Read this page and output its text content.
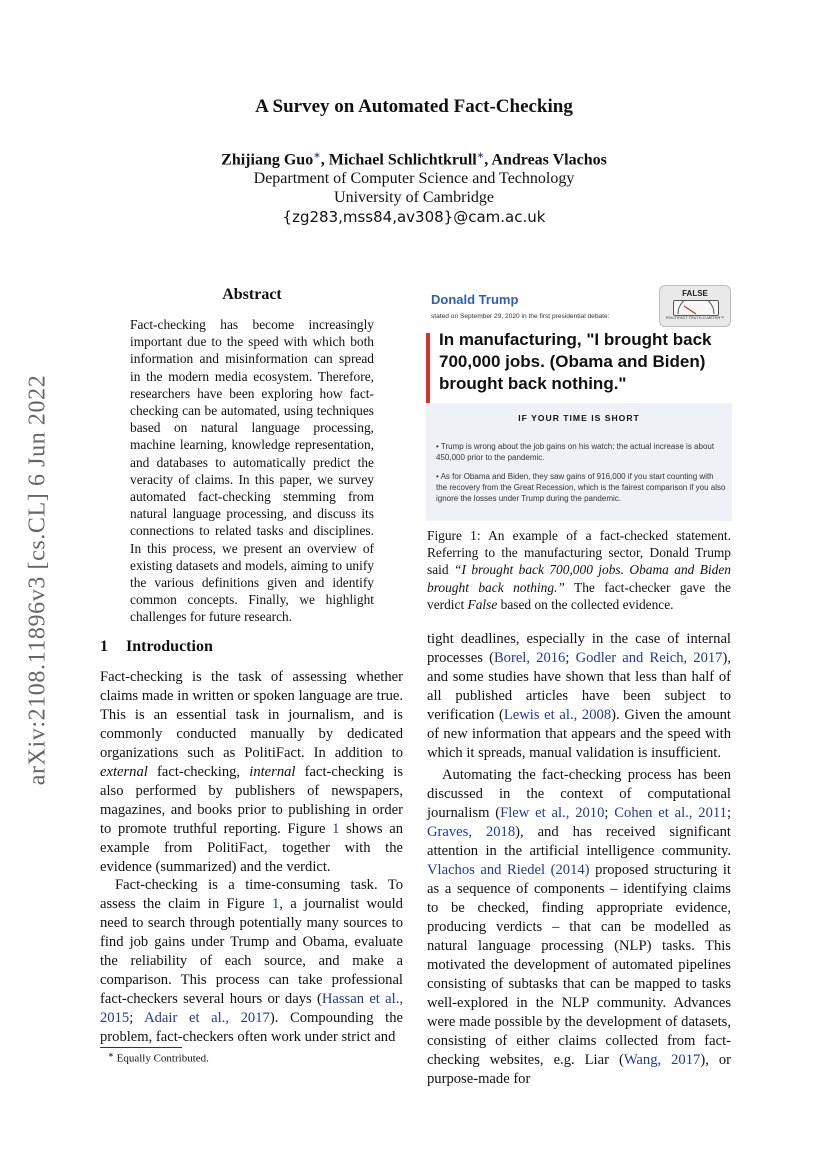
arXiv:2108.11896v3 [cs.CL] 6 Jun 2022
A Survey on Automated Fact-Checking
Zhijiang Guo∗, Michael Schlichtkrull∗, Andreas Vlachos
Department of Computer Science and Technology
University of Cambridge
{zg283,mss84,av308}@cam.ac.uk
Abstract
Fact-checking has become increasingly important due to the speed with which both information and misinformation can spread in the modern media ecosystem. Therefore, researchers have been exploring how fact-checking can be automated, using techniques based on natural language processing, machine learning, knowledge representation, and databases to automatically predict the veracity of claims. In this paper, we survey automated fact-checking stemming from natural language processing, and discuss its connections to related tasks and disciplines. In this process, we present an overview of existing datasets and models, aiming to unify the various definitions given and identify common concepts. Finally, we highlight challenges for future research.
Donald Trump
stated on September 29, 2020 in the first presidential debate:
FALSE
POLITIFACT TRUTH-O-METER™
In manufacturing, "I brought back 700,000 jobs. (Obama and Biden) brought back nothing."
IF YOUR TIME IS SHORT
• Trump is wrong about the job gains on his watch; the actual increase is about 450,000 prior to the pandemic.
• As for Obama and Biden, they saw gains of 916,000 if you start counting with the recovery from the Great Recession, which is the fairest comparison if you also ignore the losses under Trump during the pandemic.
Figure 1: An example of a fact-checked statement. Referring to the manufacturing sector, Donald Trump said “I brought back 700,000 jobs. Obama and Biden brought back nothing.” The fact-checker gave the verdict False based on the collected evidence.
1 Introduction
Fact-checking is the task of assessing whether claims made in written or spoken language are true. This is an essential task in journalism, and is commonly conducted manually by dedicated organizations such as PolitiFact. In addition to external fact-checking, internal fact-checking is also performed by publishers of newspapers, magazines, and books prior to publishing in order to promote truthful reporting. Figure 1 shows an example from PolitiFact, together with the evidence (summarized) and the verdict.
Fact-checking is a time-consuming task. To assess the claim in Figure 1, a journalist would need to search through potentially many sources to find job gains under Trump and Obama, evaluate the reliability of each source, and make a comparison. This process can take professional fact-checkers several hours or days (Hassan et al., 2015; Adair et al., 2017). Compounding the problem, fact-checkers often work under strict and
tight deadlines, especially in the case of internal processes (Borel, 2016; Godler and Reich, 2017), and some studies have shown that less than half of all published articles have been subject to verification (Lewis et al., 2008). Given the amount of new information that appears and the speed with which it spreads, manual validation is insufficient.
Automating the fact-checking process has been discussed in the context of computational journalism (Flew et al., 2010; Cohen et al., 2011; Graves, 2018), and has received significant attention in the artificial intelligence community. Vlachos and Riedel (2014) proposed structuring it as a sequence of components – identifying claims to be checked, finding appropriate evidence, producing verdicts – that can be modelled as natural language processing (NLP) tasks. This motivated the development of automated pipelines consisting of subtasks that can be mapped to tasks well-explored in the NLP community. Advances were made possible by the development of datasets, consisting of either claims collected from fact-checking websites, e.g. Liar (Wang, 2017), or purpose-made for
∗ Equally Contributed.
